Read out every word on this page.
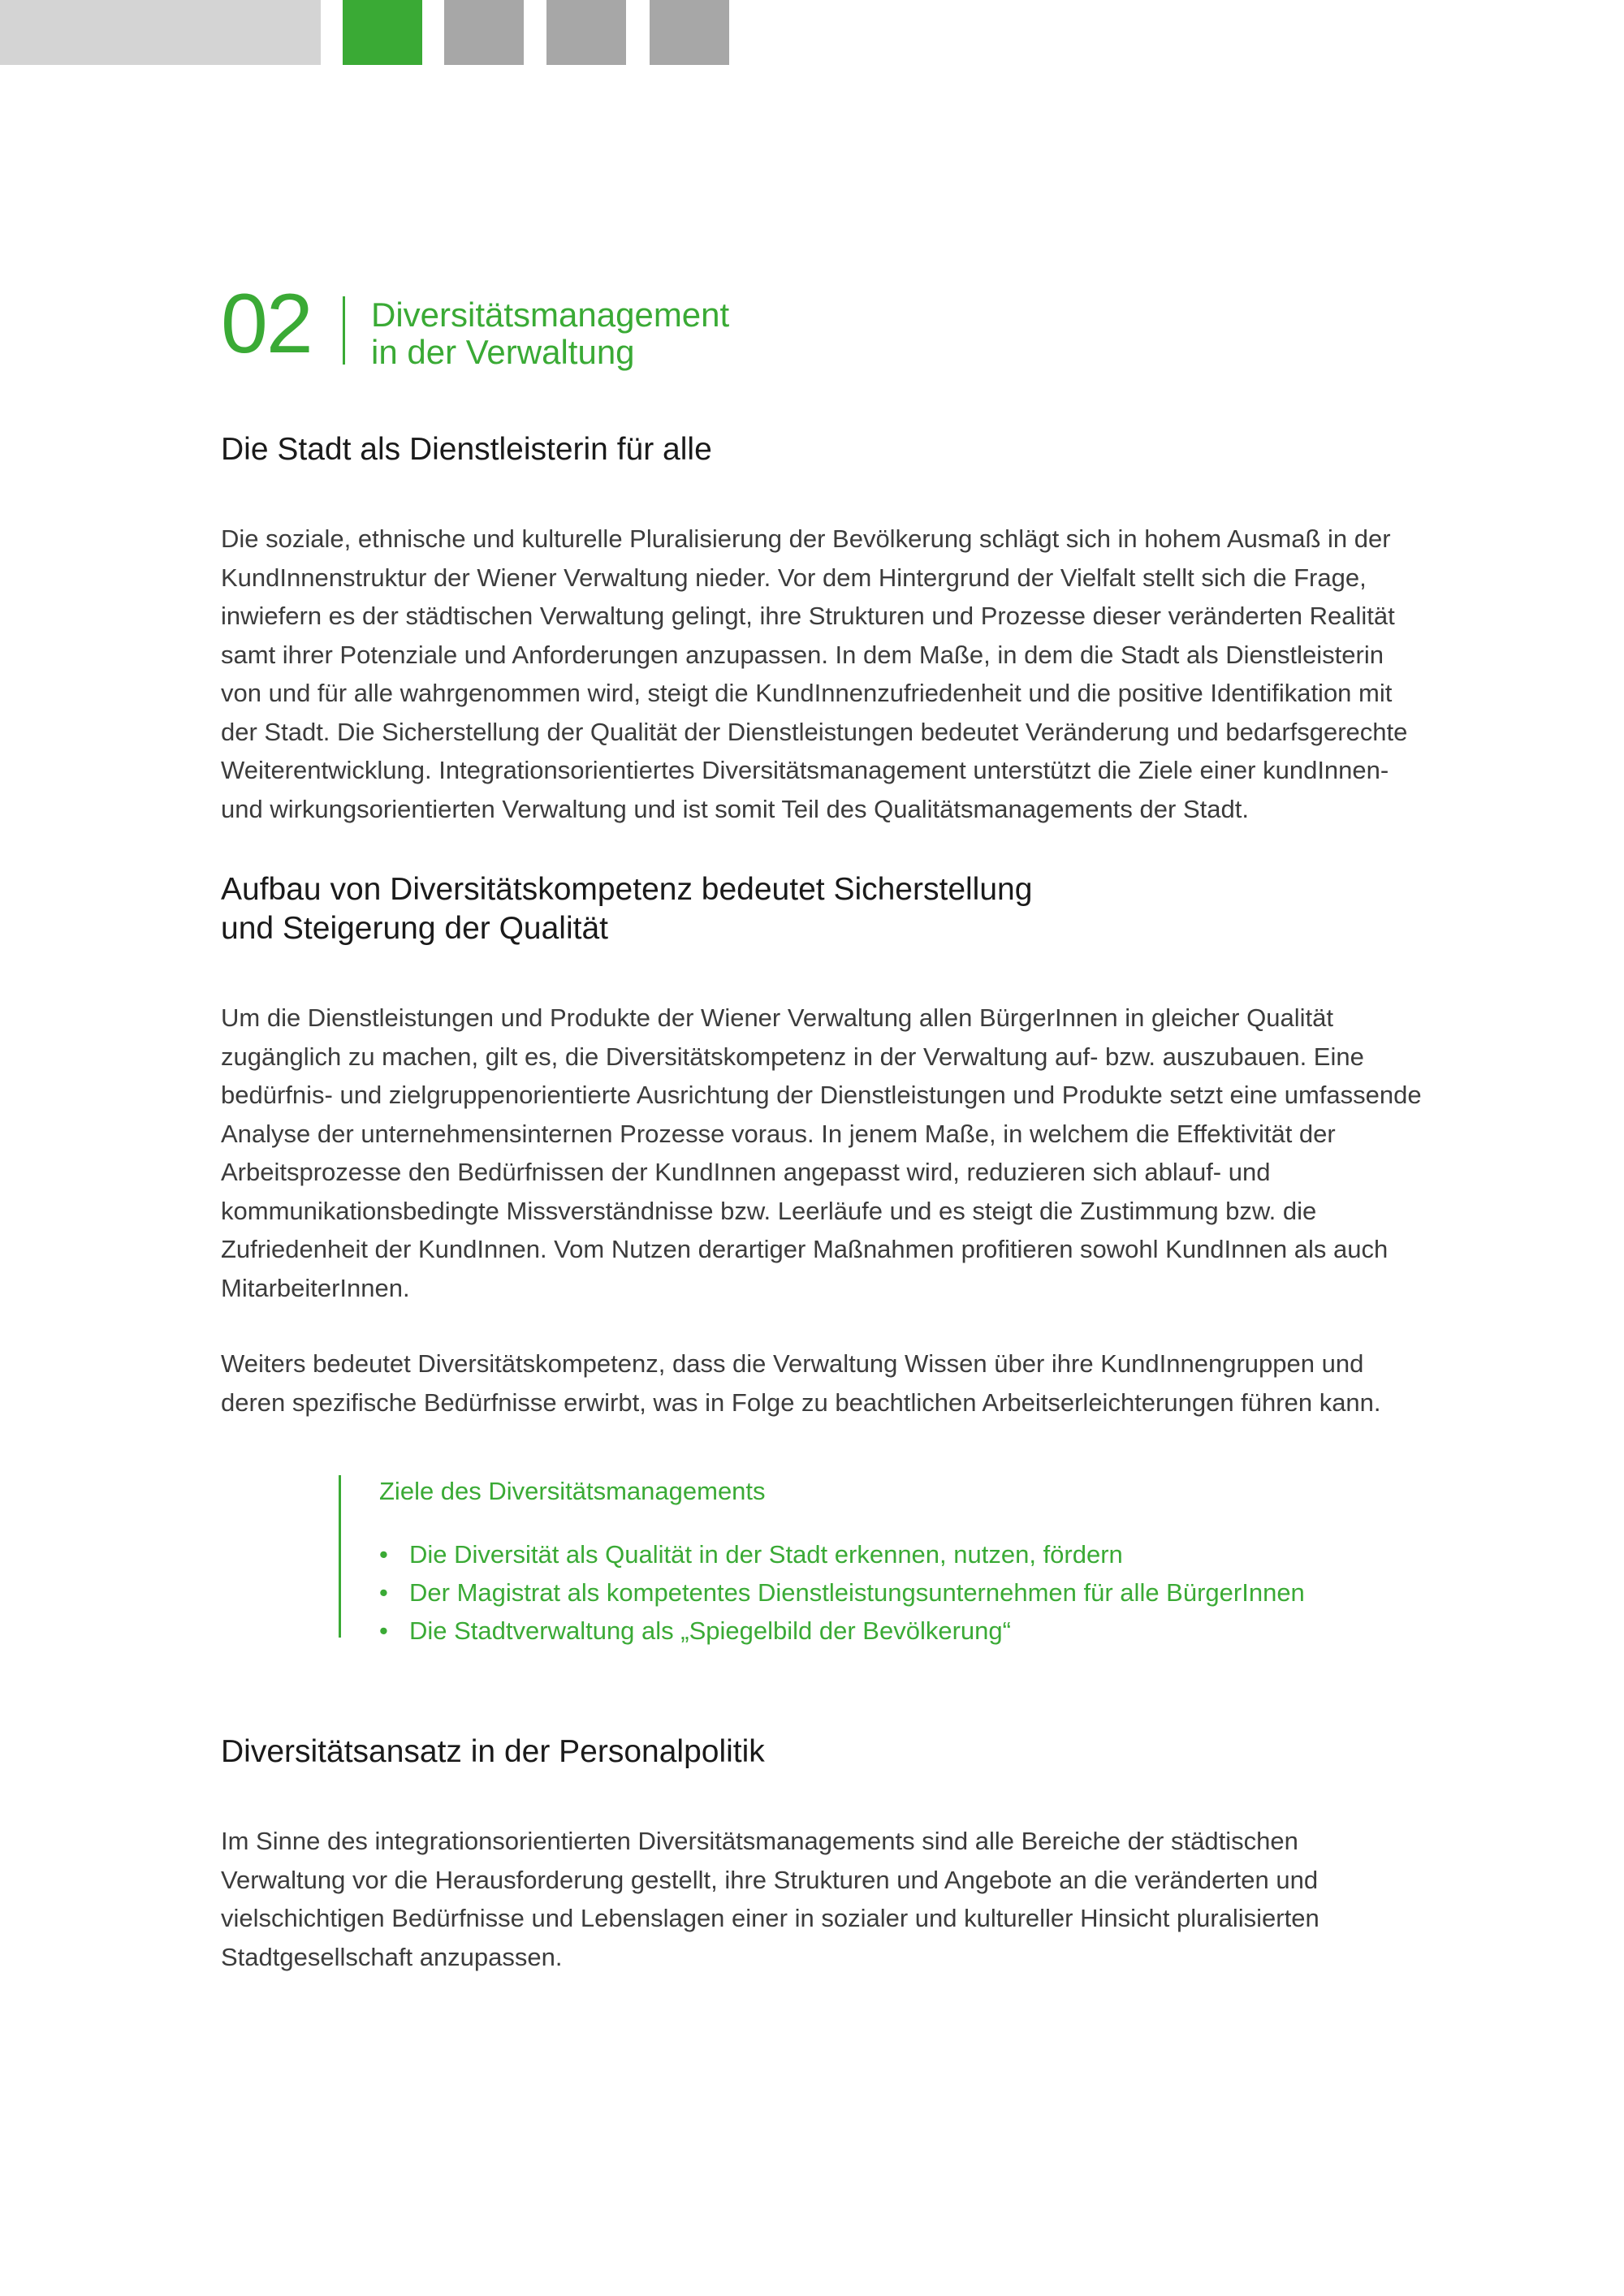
02 Diversitätsmanagement
in der Verwaltung
Die Stadt als Dienstleisterin für alle

Die soziale, ethnische und kulturelle Pluralisierung der Bevölkerung schlägt sich in hohem Ausmaß in der KundInnenstruktur der Wiener Verwaltung nieder. Vor dem Hintergrund der Vielfalt stellt sich die Frage, inwiefern es der städtischen Verwaltung gelingt, ihre Strukturen und Prozesse dieser veränderten Realität samt ihrer Potenziale und Anforderungen anzupassen. In dem Maße, in dem die Stadt als Dienstleisterin von und für alle wahrgenommen wird, steigt die KundInnenzufriedenheit und die positive Identifikation mit der Stadt. Die Sicherstellung der Qualität der Dienstleistungen bedeutet Veränderung und bedarfsgerechte Weiterentwicklung. Integrationsorientiertes Diversitätsmanagement unterstützt die Ziele einer kundInnen- und wirkungsorientierten Verwaltung und ist somit Teil des Qualitätsmanagements der Stadt.

Aufbau von Diversitätskompetenz bedeutet Sicherstellung
und Steigerung der Qualität

Um die Dienstleistungen und Produkte der Wiener Verwaltung allen BürgerInnen in gleicher Qualität zugänglich zu machen, gilt es, die Diversitätskompetenz in der Verwaltung auf- bzw. auszubauen. Eine bedürfnis- und zielgruppenorientierte Ausrichtung der Dienstleistungen und Produkte setzt eine umfassende Analyse der unternehmensinternen Prozesse voraus. In jenem Maße, in welchem die Effektivität der Arbeitsprozesse den Bedürfnissen der KundInnen angepasst wird, reduzieren sich ablauf- und kommunikationsbedingte Missverständnisse bzw. Leerläufe und es steigt die Zustimmung bzw. die Zufriedenheit der KundInnen. Vom Nutzen derartiger Maßnahmen profitieren sowohl KundInnen als auch MitarbeiterInnen.

Weiters bedeutet Diversitätskompetenz, dass die Verwaltung Wissen über ihre KundInnengruppen und deren spezifische Bedürfnisse erwirbt, was in Folge zu beachtlichen Arbeitserleichterungen führen kann.

Ziele des Diversitätsmanagements
• Die Diversität als Qualität in der Stadt erkennen, nutzen, fördern
• Der Magistrat als kompetentes Dienstleistungsunternehmen für alle BürgerInnen
• Die Stadtverwaltung als „Spiegelbild der Bevölkerung“
Diversitätsansatz in der Personalpolitik

Im Sinne des integrationsorientierten Diversitätsmanagements sind alle Bereiche der städtischen Verwaltung vor die Herausforderung gestellt, ihre Strukturen und Angebote an die veränderten und vielschichtigen Bedürfnisse und Lebenslagen einer in sozialer und kultureller Hinsicht pluralisierten Stadtgesellschaft anzupassen.
